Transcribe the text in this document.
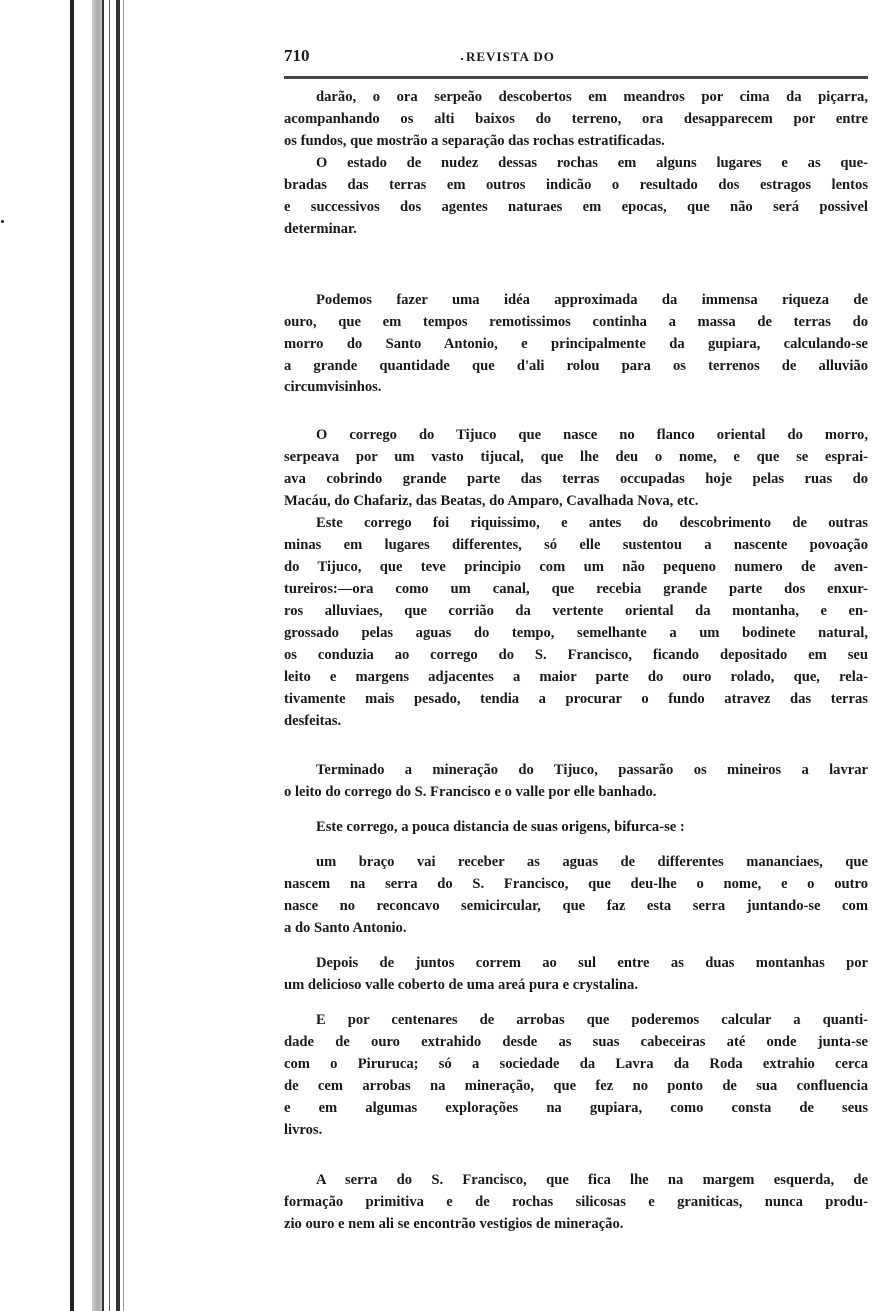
710	REVISTA DO
darão, o ora serpeão descobertos em meandros por cima da piçarra,
acompanhando os alti baixos do terreno, ora desapparecem por entre
os fundos, que mostrão a separação das rochas estratificadas.
O estado de nudez dessas rochas em alguns lugares e as que-
bradas das terras em outros indicão o resultado dos estragos lentos
e successivos dos agentes naturaes em epocas, que não será possivel
determinar.
Podemos fazer uma idéa approximada da immensa riqueza de
ouro, que em tempos remotissimos continha a massa de terras do
morro do Santo Antonio, e principalmente da gupiara, calculando-se
a grande quantidade que d'ali rolou para os terrenos de alluvião
circumvisinhos.
O corrego do Tijuco que nasce no flanco oriental do morro,
serpeava por um vasto tijucal, que lhe deu o nome, e que se esprai-
ava cobrindo grande parte das terras occupadas hoje pelas ruas do
Macáu, do Chafariz, das Beatas, do Amparo, Cavalhada Nova, etc.
Este corrego foi riquissimo, e antes do descobrimento de outras
minas em lugares differentes, só elle sustentou a nascente povoação
do Tijuco, que teve principio com um não pequeno numero de aven-
tureiros:—ora como um canal, que recebia grande parte dos enxur-
ros alluviaes, que corrião da vertente oriental da montanha, e en-
grossado pelas aguas do tempo, semelhante a um bodinete natural,
os conduzia ao corrego do S. Francisco, ficando depositado em seu
leito e margens adjacentes a maior parte do ouro rolado, que, rela-
tivamente mais pesado, tendia a procurar o fundo atravez das terras
desfeitas.
Terminado a mineração do Tijuco, passarão os mineiros a lavrar
o leito do corrego do S. Francisco e o valle por elle banhado.
Este corrego, a pouca distancia de suas origens, bifurca-se :
um braço vai receber as aguas de differentes mananciaes, que
nascem na serra do S. Francisco, que deu-lhe o nome, e o outro
nasce no reconcavo semicircular, que faz esta serra juntando-se com
a do Santo Antonio.
Depois de juntos correm ao sul entre as duas montanhas por
um delicioso valle coberto de uma areá pura e crystalina.
E por centenares de arrobas que poderemos calcular a quanti-
dade de ouro extrahido desde as suas cabeceiras até onde junta-se
com o Piruruca; só a sociedade da Lavra da Roda extrahio cerca
de cem arrobas na mineração, que fez no ponto de sua confluencia
e em algumas explorações na gupiara, como consta de seus
livros.
A serra do S. Francisco, que fica lhe na margem esquerda, de
formação primitiva e de rochas silicosas e graniticas, nunca produ-
zio ouro e nem ali se encontrão vestigios de mineração.
